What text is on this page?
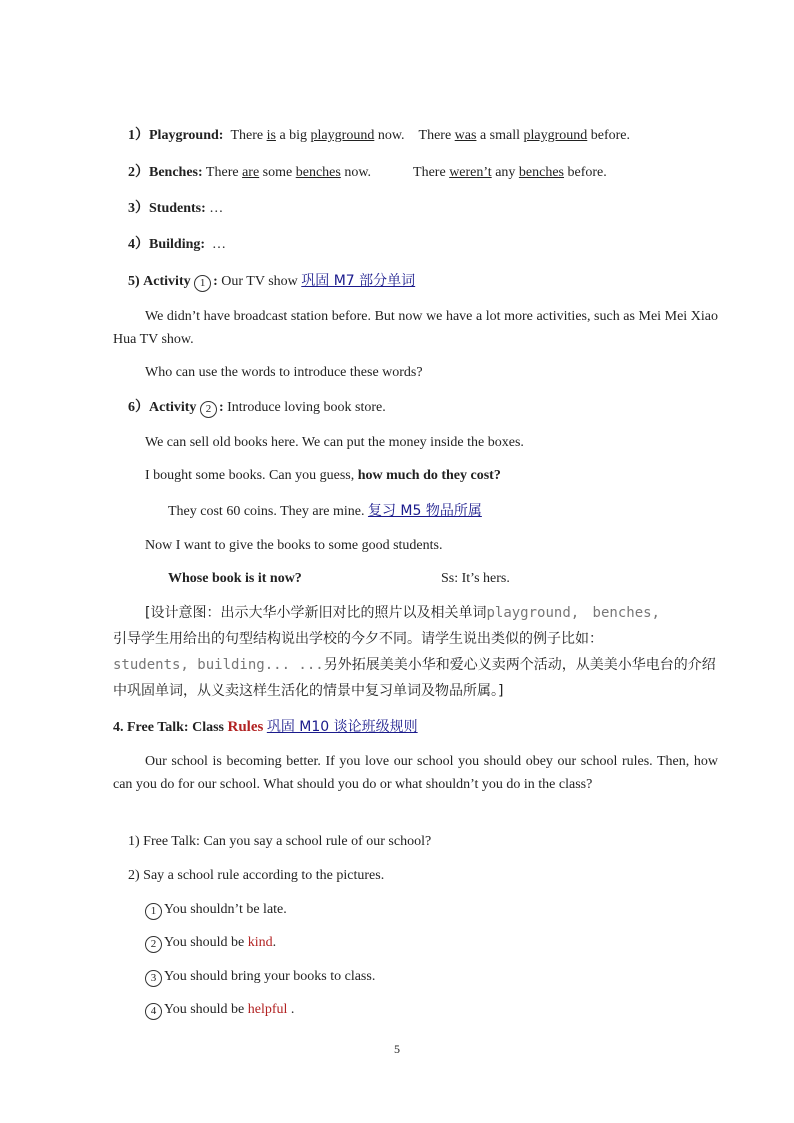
1）Playground: There is a big playground now. There was a small playground before.
2）Benches: There are some benches now.	There weren’t any benches before.
3）Students: …
4）Building: …
5) Activity 1 : Our TV show 巩固 M7 部分单词
We didn’t have broadcast station before. But now we have a lot more activities, such as Mei Mei Xiao Hua TV show.
Who can use the words to introduce these words?
6）Activity 2 : Introduce loving book store.
We can sell old books here. We can put the money inside the boxes.
I bought some books. Can you guess, how much do they cost?
They cost 60 coins. They are mine. 复习 M5 物品所属
Now I want to give the books to some good students.
Whose book is it now?	Ss: It’s hers.
[设计意图：出示大华小学新旧对比的照片以及相关单词playground, benches,
引导学生用给出的句型结构说出学校的今夕不同。请学生说出类似的例子比如：
students, building... ...另外拓展美美小华和爱心义卖两个活动，从美美小华电台的介绍中巩固单词，从义卖这样生活化的情景中复习单词及物品所属。]
4. Free Talk: Class Rules 巩固 M10 谈论班级规则
Our school is becoming better. If you love our school you should obey our school rules. Then, how can you do for our school. What should you do or what shouldn’t you do in the class?
1) Free Talk: Can you say a school rule of our school?
2) Say a school rule according to the pictures.
1 You shouldn’t be late.
2 You should be kind.
3 You should bring your books to class.
4 You should be helpful .
5
